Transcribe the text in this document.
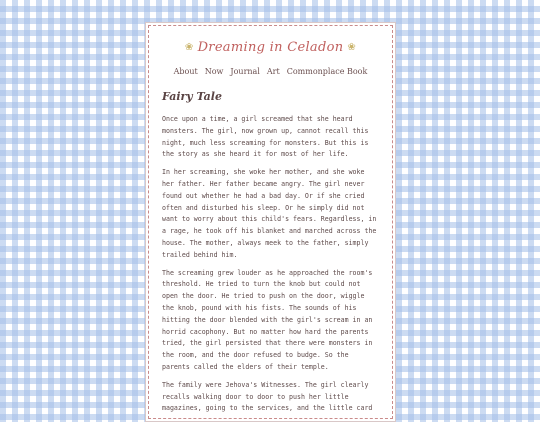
❀ Dreaming in Celadon ❀
About Now Journal Art Commonplace Book
Fairy Tale

Once upon a time, a girl screamed that she heard monsters. The girl, now grown up, cannot recall this night, much less screaming for monsters. But this is the story as she heard it for most of her life.

In her screaming, she woke her mother, and she woke her father. Her father became angry. The girl never found out whether he had a bad day. Or if she cried often and disturbed his sleep. Or he simply did not want to worry about this child's fears. Regardless, in a rage, he took off his blanket and marched across the house. The mother, always meek to the father, simply trailed behind him.

The screaming grew louder as he approached the room's threshold. He tried to turn the knob but could not open the door. He tried to push on the door, wiggle the knob, pound with his fists. The sounds of his hitting the door blended with the girl's scream in an horrid cacophony. But no matter how hard the parents tried, the girl persisted that there were monsters in the room, and the door refused to budge. So the parents called the elders of their temple.

The family were Jehova's Witnesses. The girl clearly recalls walking door to door to push her little magazines, going to the services, and the little card
